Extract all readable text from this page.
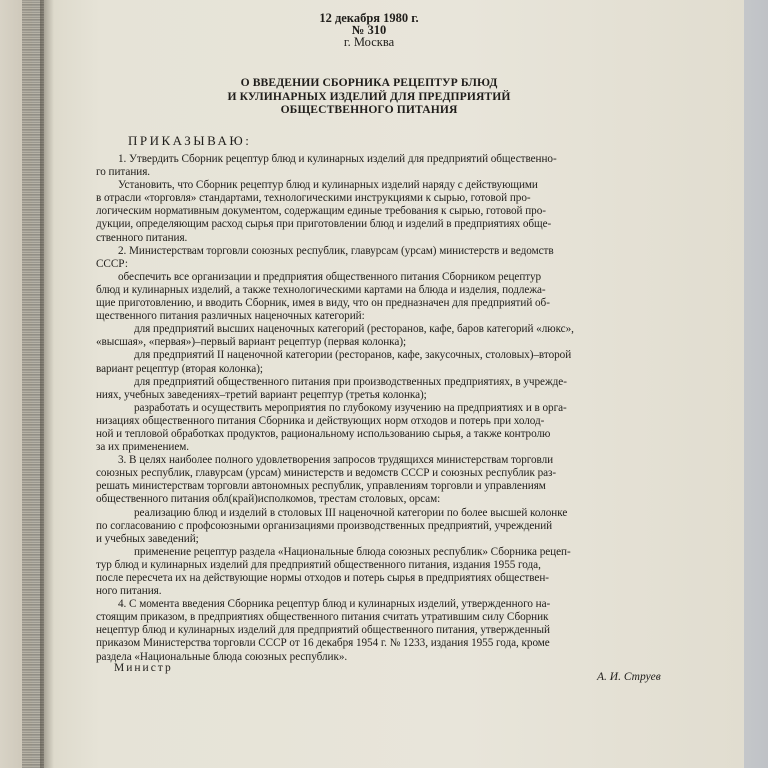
12 декабря 1980 г.
№ 310
г. Москва
О ВВЕДЕНИИ СБОРНИКА РЕЦЕПТУР БЛЮД
И КУЛИНАРНЫХ ИЗДЕЛИЙ ДЛЯ ПРЕДПРИЯТИЙ
ОБЩЕСТВЕННОГО ПИТАНИЯ
ПРИКАЗЫВАЮ:
1. Утвердить Сборник рецептур блюд и кулинарных изделий для предприятий общественно-
го питания.
Установить, что Сборник рецептур блюд и кулинарных изделий наряду с действующими
в отрасли «торговля» стандартами, технологическими инструкциями к сырью, готовой про-
логическим нормативным документом, содержащим единые требования к сырью, готовой про-
дукции, определяющим расход сырья при приготовлении блюд и изделий в предприятиях обще-
ственного питания.
2. Министерствам торговли союзных республик, главурсам (урсам) министерств и ведомств
СССР:
обеспечить все организации и предприятия общественного питания Сборником рецептур
блюд и кулинарных изделий, а также технологическими картами на блюда и изделия, подлежа-
щие приготовлению, и вводить Сборник, имея в виду, что он предназначен для предприятий об-
щественного питания различных наценочных категорий:
для предприятий высших наценочных категорий (ресторанов, кафе, баров категорий «люкс»,
«высшая», «первая»)–первый вариант рецептур (первая колонка);
для предприятий II наценочной категории (ресторанов, кафе, закусочных, столовых)–второй
вариант рецептур (вторая колонка);
для предприятий общественного питания при производственных предприятиях, в учрежде-
ниях, учебных заведениях–третий вариант рецептур (третья колонка);
разработать и осуществить мероприятия по глубокому изучению на предприятиях и в орга-
низациях общественного питания Сборника и действующих норм отходов и потерь при холод-
ной и тепловой обработках продуктов, рациональному использованию сырья, а также контролю
за их применением.
3. В целях наиболее полного удовлетворения запросов трудящихся министерствам торговли
союзных республик, главурсам (урсам) министерств и ведомств СССР и союзных республик раз-
решать министерствам торговли автономных республик, управлениям торговли и управлениям
общественного питания обл(край)исполкомов, трестам столовых, орсам:
реализацию блюд и изделий в столовых III наценочной категории по более высшей колонке
по согласованию с профсоюзными организациями производственных предприятий, учреждений
и учебных заведений;
применение рецептур раздела «Национальные блюда союзных республик» Сборника рецеп-
тур блюд и кулинарных изделий для предприятий общественного питания, издания 1955 года,
после пересчета их на действующие нормы отходов и потерь сырья в предприятиях обществен-
ного питания.
4. С момента введения Сборника рецептур блюд и кулинарных изделий, утвержденного на-
стоящим приказом, в предприятиях общественного питания считать утратившим силу Сборник
нецептур блюд и кулинарных изделий для предприятий общественного питания, утвержденный
приказом Министерства торговли СССР от 16 декабря 1954 г. № 1233, издания 1955 года, кроме
раздела «Национальные блюда союзных республик».
Министр
А. И. Струев
